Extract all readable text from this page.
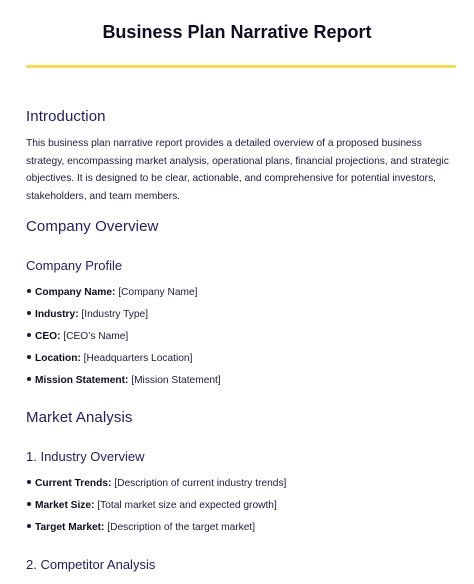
Business Plan Narrative Report
Introduction

This business plan narrative report provides a detailed overview of a proposed business strategy, encompassing market analysis, operational plans, financial projections, and strategic objectives. It is designed to be clear, actionable, and comprehensive for potential investors, stakeholders, and team members.

Company Overview
Company Profile
Company Name: [Company Name]
Industry: [Industry Type]
CEO: [CEO’s Name]
Location: [Headquarters Location]
Mission Statement: [Mission Statement]
Market Analysis
1. Industry Overview
Current Trends: [Description of current industry trends]
Market Size: [Total market size and expected growth]
Target Market: [Description of the target market]
2. Competitor Analysis
